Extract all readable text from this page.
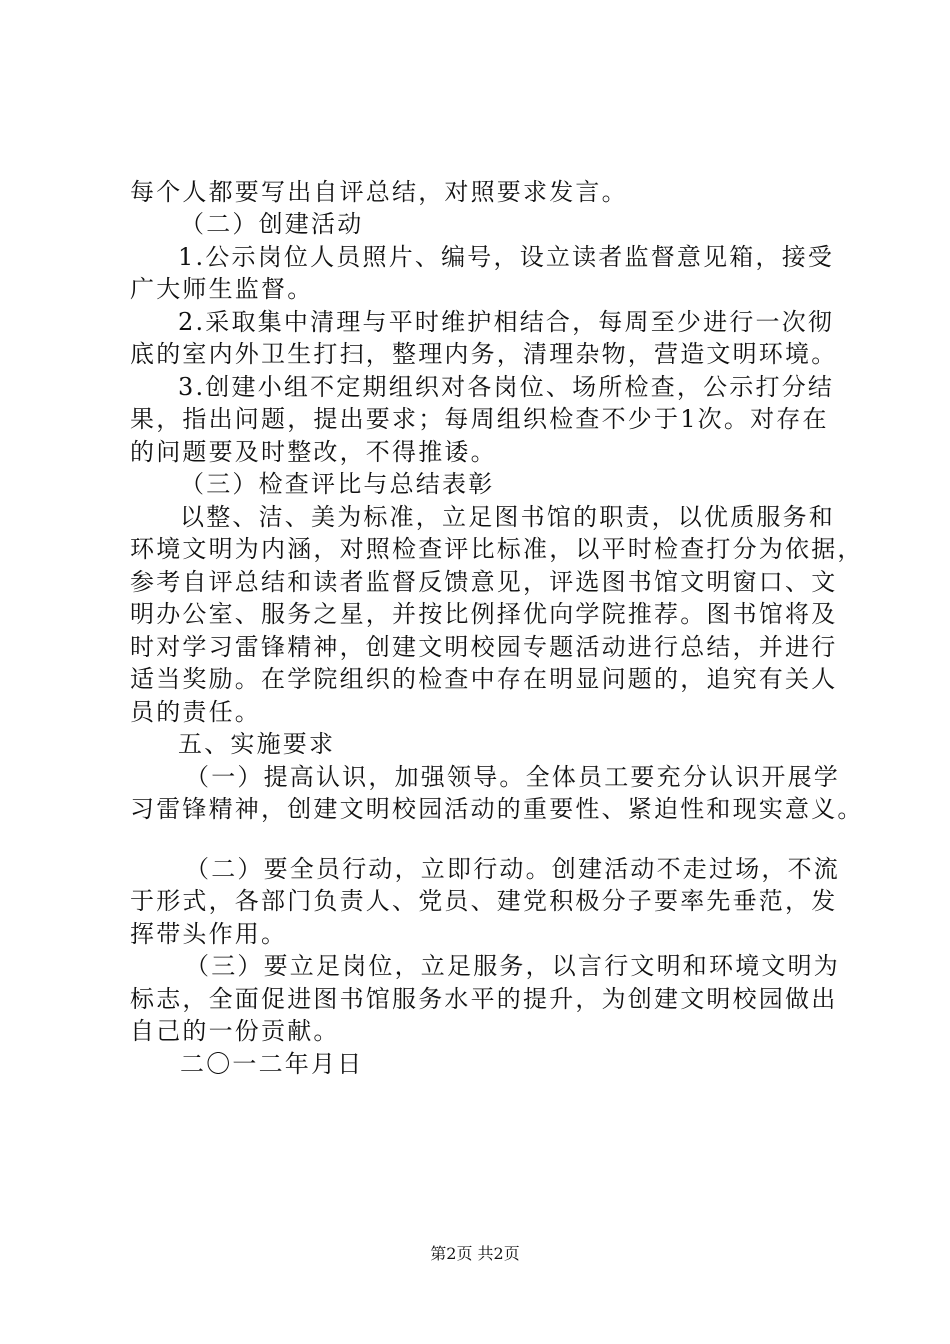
每个人都要写出自评总结，对照要求发言。
（二）创建活动
1.公示岗位人员照片、编号，设立读者监督意见箱，接受
广大师生监督。
2.采取集中清理与平时维护相结合，每周至少进行一次彻
底的室内外卫生打扫，整理内务，清理杂物，营造文明环境。
3.创建小组不定期组织对各岗位、场所检查，公示打分结
果，指出问题，提出要求；每周组织检查不少于1次。对存在
的问题要及时整改，不得推诿。
（三）检查评比与总结表彰
以整、洁、美为标准，立足图书馆的职责，以优质服务和
环境文明为内涵，对照检查评比标准，以平时检查打分为依据，
参考自评总结和读者监督反馈意见，评选图书馆文明窗口、文
明办公室、服务之星，并按比例择优向学院推荐。图书馆将及
时对学习雷锋精神，创建文明校园专题活动进行总结，并进行
适当奖励。在学院组织的检查中存在明显问题的，追究有关人
员的责任。
五、实施要求
（一）提高认识，加强领导。全体员工要充分认识开展学
习雷锋精神，创建文明校园活动的重要性、紧迫性和现实意义。
（二）要全员行动，立即行动。创建活动不走过场，不流
于形式，各部门负责人、党员、建党积极分子要率先垂范，发
挥带头作用。
（三）要立足岗位，立足服务，以言行文明和环境文明为
标志，全面促进图书馆服务水平的提升，为创建文明校园做出
自己的一份贡献。
二〇一二年月日
第2页 共2页
